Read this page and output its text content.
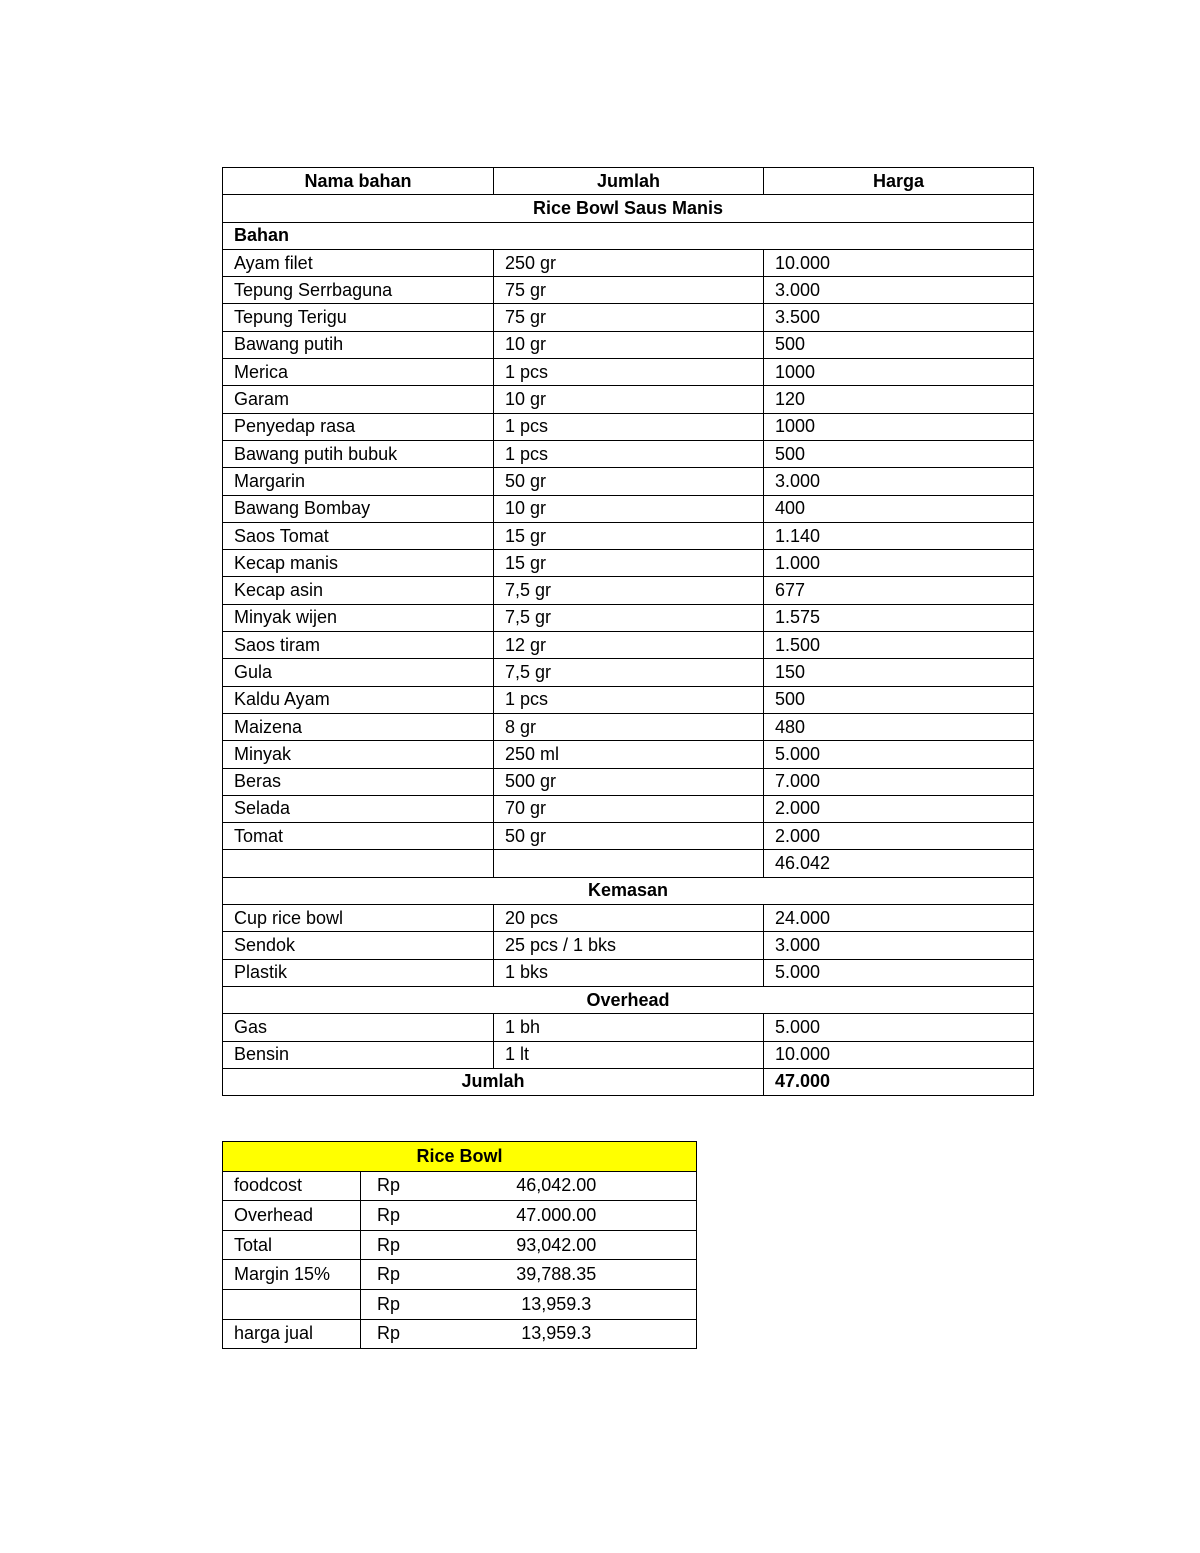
Nama bahan	Jumlah	Harga
Rice Bowl Saus Manis		
Bahan		
Ayam filet	250 gr	10.000
Tepung Serrbaguna	75 gr	3.000
Tepung Terigu	75 gr	3.500
Bawang putih	10 gr	500
Merica	1 pcs	1000
Garam	10 gr	120
Penyedap rasa	1 pcs	1000
Bawang putih bubuk	1 pcs	500
Margarin	50 gr	3.000
Bawang Bombay	10 gr	400
Saos Tomat	15 gr	1.140
Kecap manis	15 gr	1.000
Kecap asin	7,5 gr	677
Minyak wijen	7,5 gr	1.575
Saos tiram	12 gr	1.500
Gula	7,5 gr	150
Kaldu Ayam	1 pcs	500
Maizena	8 gr	480
Minyak	250 ml	5.000
Beras	500 gr	7.000
Selada	70 gr	2.000
Tomat	50 gr	2.000
		46.042
Kemasan		
Cup rice bowl	20 pcs	24.000
Sendok	25 pcs / 1 bks	3.000
Plastik	1 bks	5.000
Overhead		
Gas	1 bh	5.000
Bensin	1 lt	10.000
Jumlah		47.000
Rice Bowl		
foodcost	Rp	46,042.00
Overhead	Rp	47.000.00
Total	Rp	93,042.00
Margin 15%	Rp	39,788.35
	Rp	13,959.3
harga jual	Rp	13,959.3
